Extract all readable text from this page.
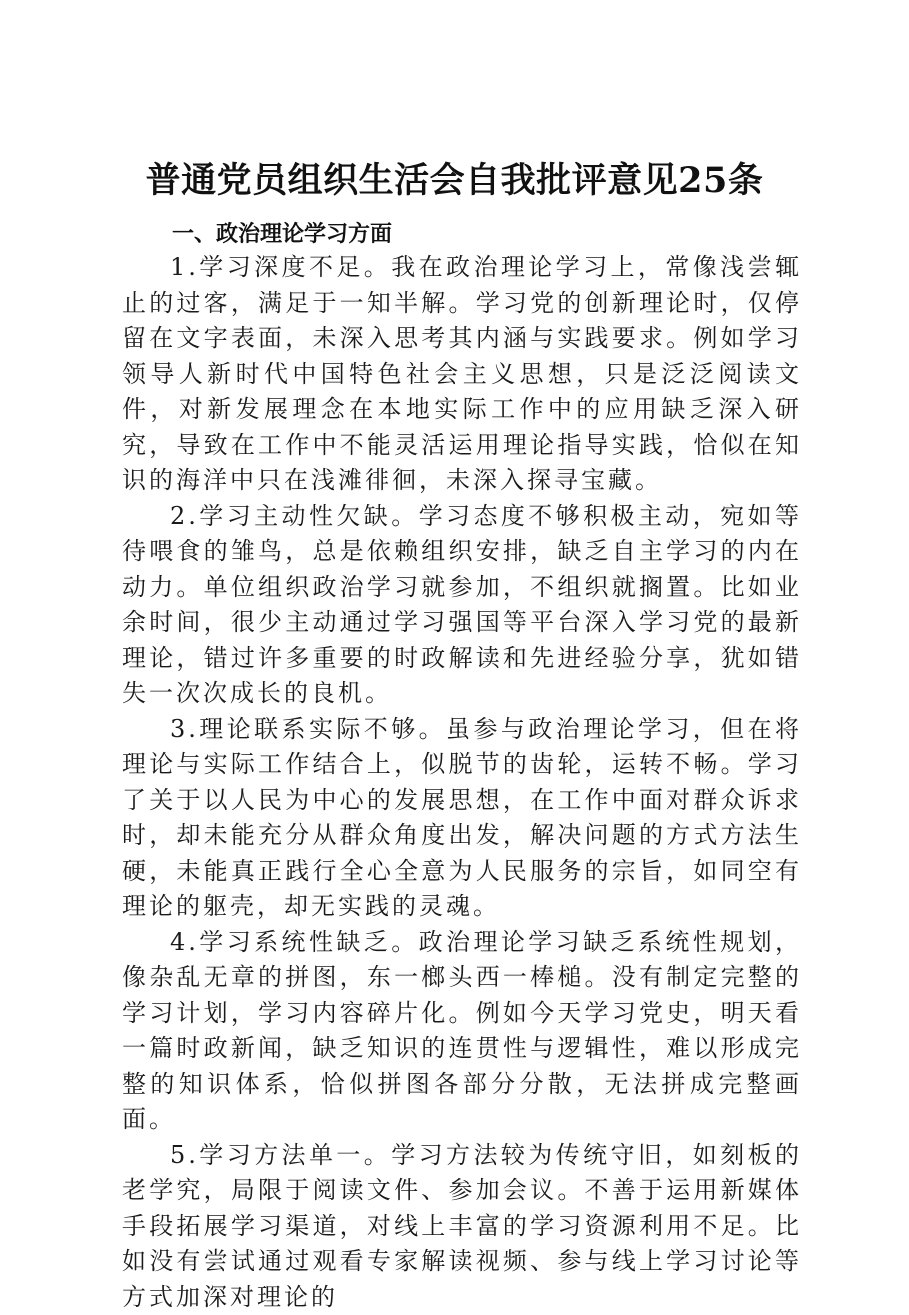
普通党员组织生活会自我批评意见25条
一、政治理论学习方面

1.学习深度不足。我在政治理论学习上，常像浅尝辄止的过客，满足于一知半解。学习党的创新理论时，仅停留在文字表面，未深入思考其内涵与实践要求。例如学习领导人新时代中国特色社会主义思想，只是泛泛阅读文件，对新发展理念在本地实际工作中的应用缺乏深入研究，导致在工作中不能灵活运用理论指导实践，恰似在知识的海洋中只在浅滩徘徊，未深入探寻宝藏。

2.学习主动性欠缺。学习态度不够积极主动，宛如等待喂食的雏鸟，总是依赖组织安排，缺乏自主学习的内在动力。单位组织政治学习就参加，不组织就搁置。比如业余时间，很少主动通过学习强国等平台深入学习党的最新理论，错过许多重要的时政解读和先进经验分享，犹如错失一次次成长的良机。

3.理论联系实际不够。虽参与政治理论学习，但在将理论与实际工作结合上，似脱节的齿轮，运转不畅。学习了关于以人民为中心的发展思想，在工作中面对群众诉求时，却未能充分从群众角度出发，解决问题的方式方法生硬，未能真正践行全心全意为人民服务的宗旨，如同空有理论的躯壳，却无实践的灵魂。

4.学习系统性缺乏。政治理论学习缺乏系统性规划，像杂乱无章的拼图，东一榔头西一棒槌。没有制定完整的学习计划，学习内容碎片化。例如今天学习党史，明天看一篇时政新闻，缺乏知识的连贯性与逻辑性，难以形成完整的知识体系，恰似拼图各部分分散，无法拼成完整画面。

5.学习方法单一。学习方法较为传统守旧，如刻板的老学究，局限于阅读文件、参加会议。不善于运用新媒体手段拓展学习渠道，对线上丰富的学习资源利用不足。比如没有尝试通过观看专家解读视频、参与线上学习讨论等方式加深对理论的
